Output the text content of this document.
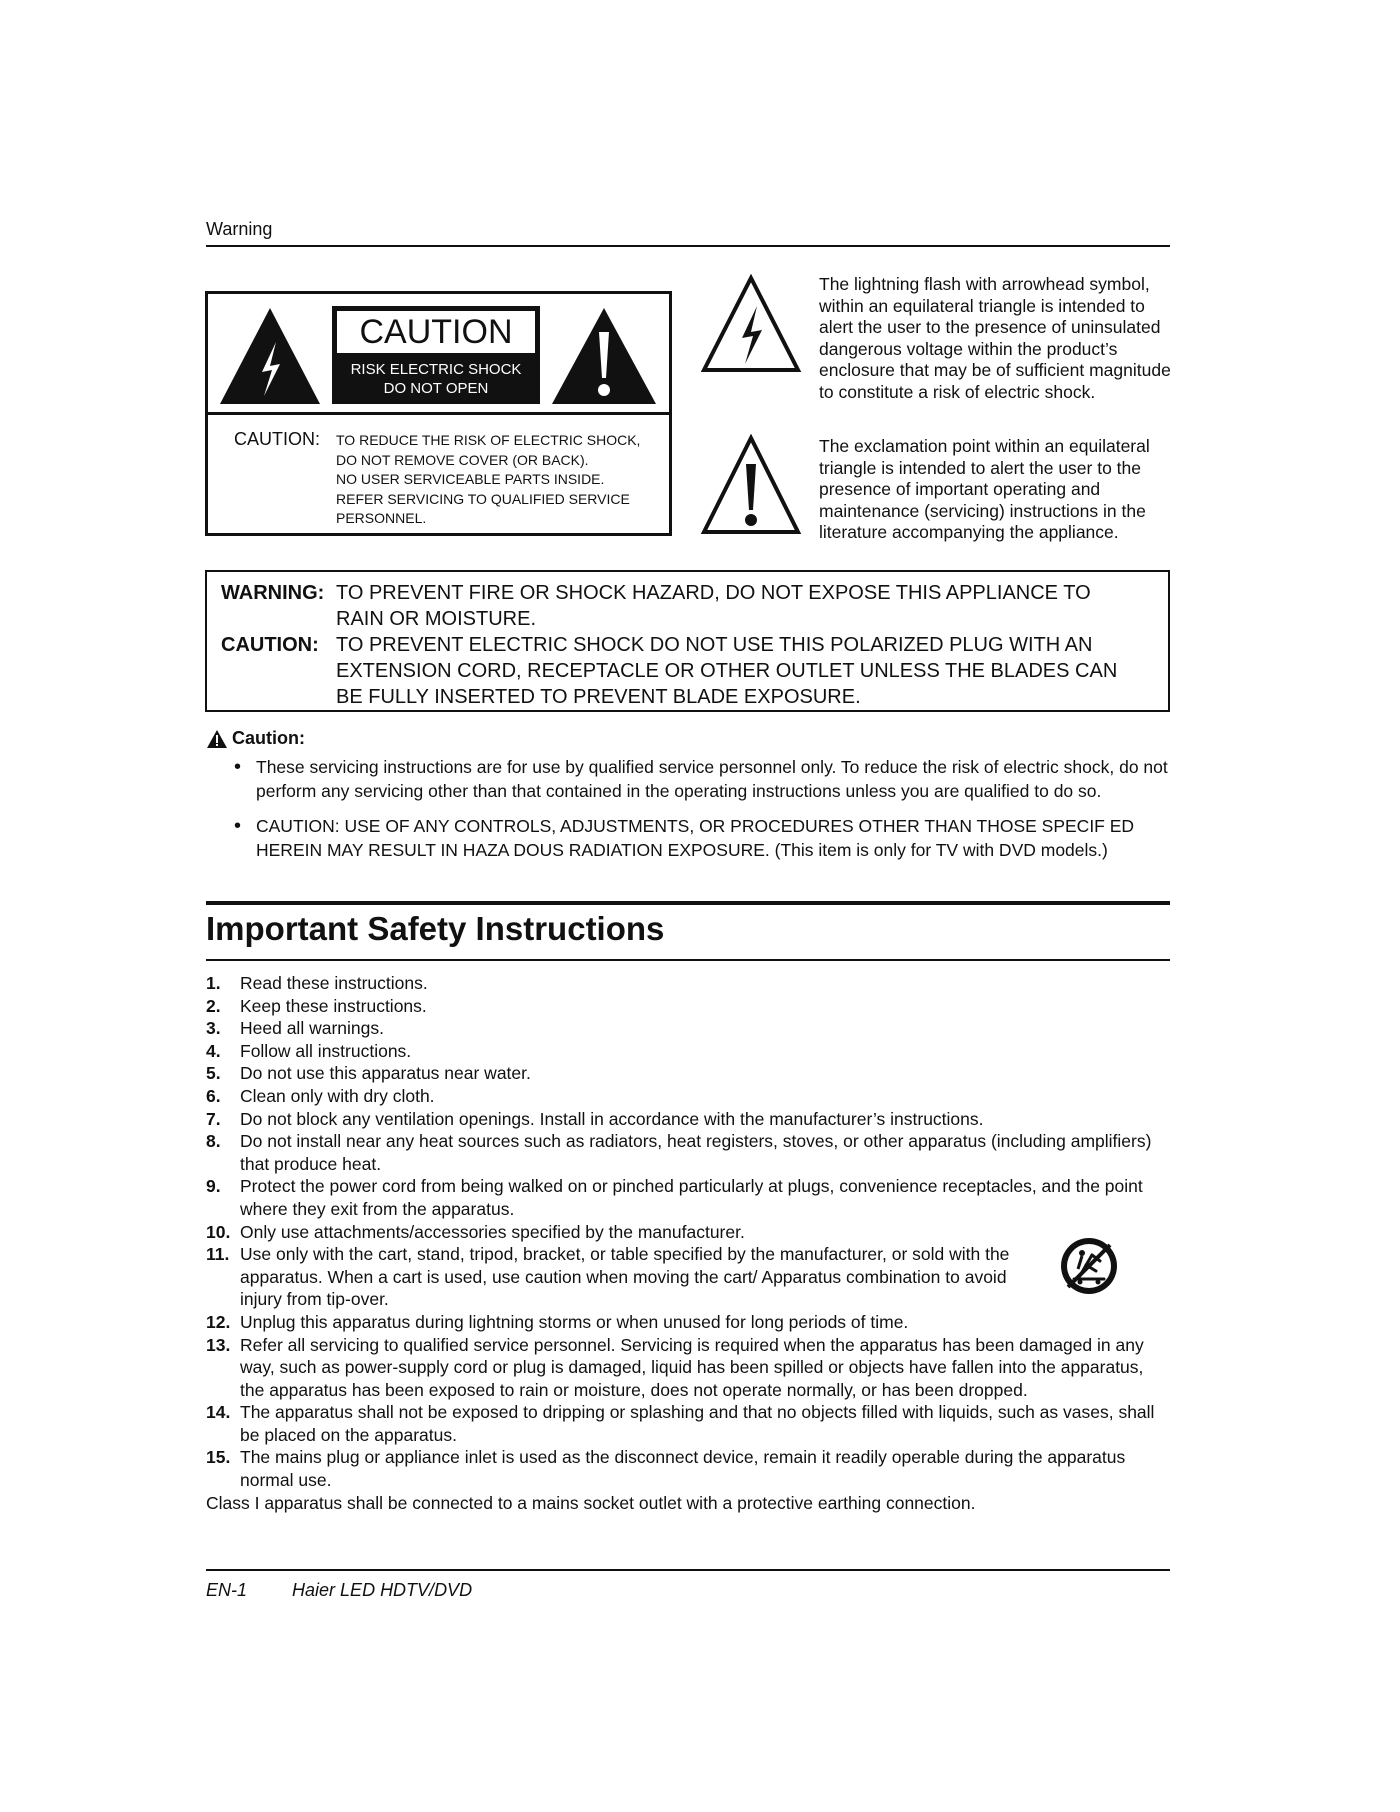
Warning
CAUTION
RISK ELECTRIC SHOCK
DO NOT OPEN
CAUTION: TO REDUCE THE RISK OF ELECTRIC SHOCK,
DO NOT REMOVE COVER (OR BACK).
NO USER SERVICEABLE PARTS INSIDE.
REFER SERVICING TO QUALIFIED SERVICE
PERSONNEL.
The lightning flash with arrowhead symbol, within an equilateral triangle is intended to alert the user to the presence of uninsulated dangerous voltage within the product’s enclosure that may be of sufficient magnitude to constitute a risk of electric shock.
The exclamation point within an equilateral triangle is intended to alert the user to the presence of important operating and maintenance (servicing) instructions in the literature accompanying the appliance.
WARNING: TO PREVENT FIRE OR SHOCK HAZARD, DO NOT EXPOSE THIS APPLIANCE TO RAIN OR MOISTURE.
CAUTION: TO PREVENT ELECTRIC SHOCK DO NOT USE THIS POLARIZED PLUG WITH AN EXTENSION CORD, RECEPTACLE OR OTHER OUTLET UNLESS THE BLADES CAN BE FULLY INSERTED TO PREVENT BLADE EXPOSURE.
Caution:
• These servicing instructions are for use by qualified service personnel only. To reduce the risk of electric shock, do not perform any servicing other than that contained in the operating instructions unless you are qualified to do so.
• CAUTION: USE OF ANY CONTROLS, ADJUSTMENTS, OR PROCEDURES OTHER THAN THOSE SPECIF ED HEREIN MAY RESULT IN HAZA DOUS RADIATION EXPOSURE. (This item is only for TV with DVD models.)
Important Safety Instructions
1.	Read these instructions.
2.	Keep these instructions.
3.	Heed all warnings.
4.	Follow all instructions.
5.	Do not use this apparatus near water.
6.	Clean only with dry cloth.
7.	Do not block any ventilation openings. Install in accordance with the manufacturer’s instructions.
8.	Do not install near any heat sources such as radiators, heat registers, stoves, or other apparatus (including amplifiers) that produce heat.
9.	Protect the power cord from being walked on or pinched particularly at plugs, convenience receptacles, and the point where they exit from the apparatus.
10. Only use attachments/accessories specified by the manufacturer.
11. Use only with the cart, stand, tripod, bracket, or table specified by the manufacturer, or sold with the apparatus. When a cart is used, use caution when moving the cart/ Apparatus combination to avoid injury from tip-over.
12. Unplug this apparatus during lightning storms or when unused for long periods of time.
13. Refer all servicing to qualified service personnel. Servicing is required when the apparatus has been damaged in any way, such as power-supply cord or plug is damaged, liquid has been spilled or objects have fallen into the apparatus, the apparatus has been exposed to rain or moisture, does not operate normally, or has been dropped.
14. The apparatus shall not be exposed to dripping or splashing and that no objects filled with liquids, such as vases, shall be placed on the apparatus.
15. The mains plug or appliance inlet is used as the disconnect device, remain it readily operable during the apparatus normal use.
Class I apparatus shall be connected to a mains socket outlet with a protective earthing connection.
EN-1	Haier LED HDTV/DVD
